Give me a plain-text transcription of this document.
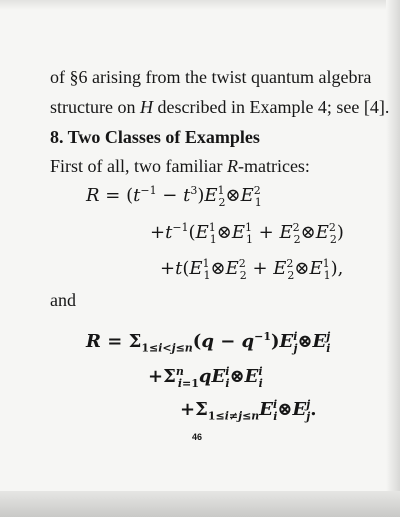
of §6 arising from the twist quantum algebra
structure on H described in Example 4; see [4].
8. Two Classes of Examples
First of all, two familiar R-matrices:
$R = (t^{-1}$ − $t^3)E^1_2\otimes E^2_1$
$+t^{-1}(E^1_1\otimes E^1_1$ + $E^2_2\otimes E^2_2$)
$+t(E^1_1\otimes E^2_2$ + $E^2_2\otimes E^1_1$),
and
$R = \Sigma_{1\le i<j\le n}(q$ − $q^{-1})E^i_j\otimes E^j_i$
$+\Sigma^n_{i=1}qE^i_i\otimes E^i_i$
$+\Sigma_{1\le i\ne j\le n}E^i_i\otimes E^j_j$.
46
